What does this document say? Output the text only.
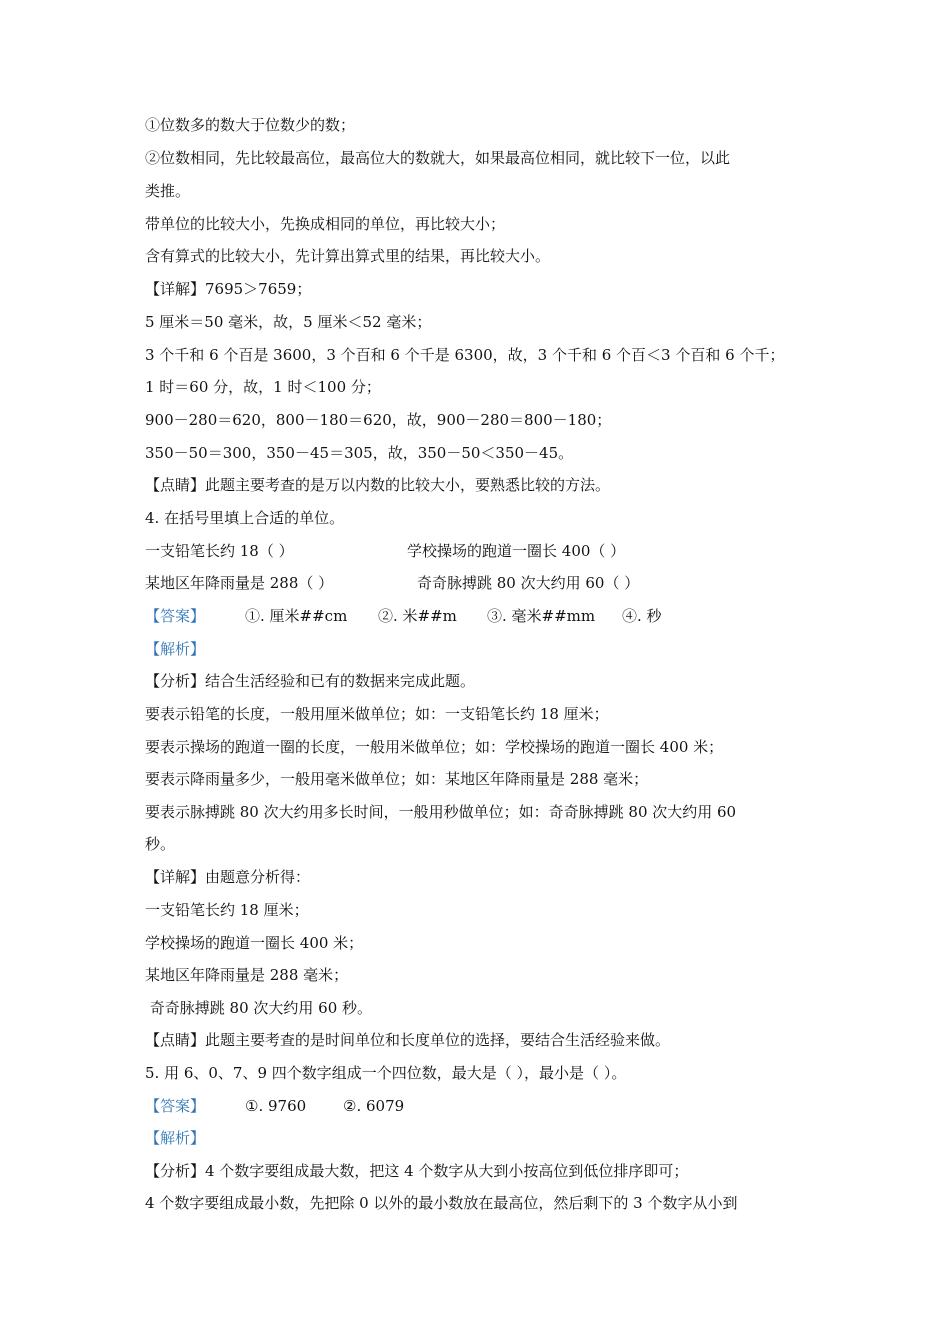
①位数多的数大于位数少的数；
②位数相同，先比较最高位，最高位大的数就大，如果最高位相同，就比较下一位，以此
类推。
带单位的比较大小，先换成相同的单位，再比较大小；
含有算式的比较大小，先计算出算式里的结果，再比较大小。
【详解】7695＞7659；
5 厘米＝50 毫米，故，5 厘米＜52 毫米；
3 个千和 6 个百是 3600，3 个百和 6 个千是 6300，故，3 个千和 6 个百＜3 个百和 6 个千；
1 时＝60 分，故，1 时＜100 分；
900－280＝620，800－180＝620，故，900－280＝800－180；
350－50＝300，350－45＝305，故，350－50＜350－45。
【点睛】此题主要考查的是万以内数的比较大小，要熟悉比较的方法。
4. 在括号里填上合适的单位。
一支铅笔长约 18（ ）	学校操场的跑道一圈长 400（ ）
某地区年降雨量是 288（ ）	奇奇脉搏跳 80 次大约用 60（ ）
【答案】	①. 厘米##cm ②. 米##m ③. 毫米##mm ④. 秒
【解析】
【分析】结合生活经验和已有的数据来完成此题。
要表示铅笔的长度，一般用厘米做单位；如：一支铅笔长约 18 厘米；
要表示操场的跑道一圈的长度，一般用米做单位；如：学校操场的跑道一圈长 400 米；
要表示降雨量多少，一般用毫米做单位；如：某地区年降雨量是 288 毫米；
要表示脉搏跳 80 次大约用多长时间，一般用秒做单位；如：奇奇脉搏跳 80 次大约用 60
秒。
【详解】由题意分析得：
一支铅笔长约 18 厘米；
学校操场的跑道一圈长 400 米；
某地区年降雨量是 288 毫米；
奇奇脉搏跳 80 次大约用 60 秒。
【点睛】此题主要考查的是时间单位和长度单位的选择，要结合生活经验来做。
5. 用 6、0、7、9 四个数字组成一个四位数，最大是（ ），最小是（ ）。
【答案】	①. 9760 ②. 6079
【解析】
【分析】4 个数字要组成最大数，把这 4 个数字从大到小按高位到低位排序即可；
4 个数字要组成最小数，先把除 0 以外的最小数放在最高位，然后剩下的 3 个数字从小到
